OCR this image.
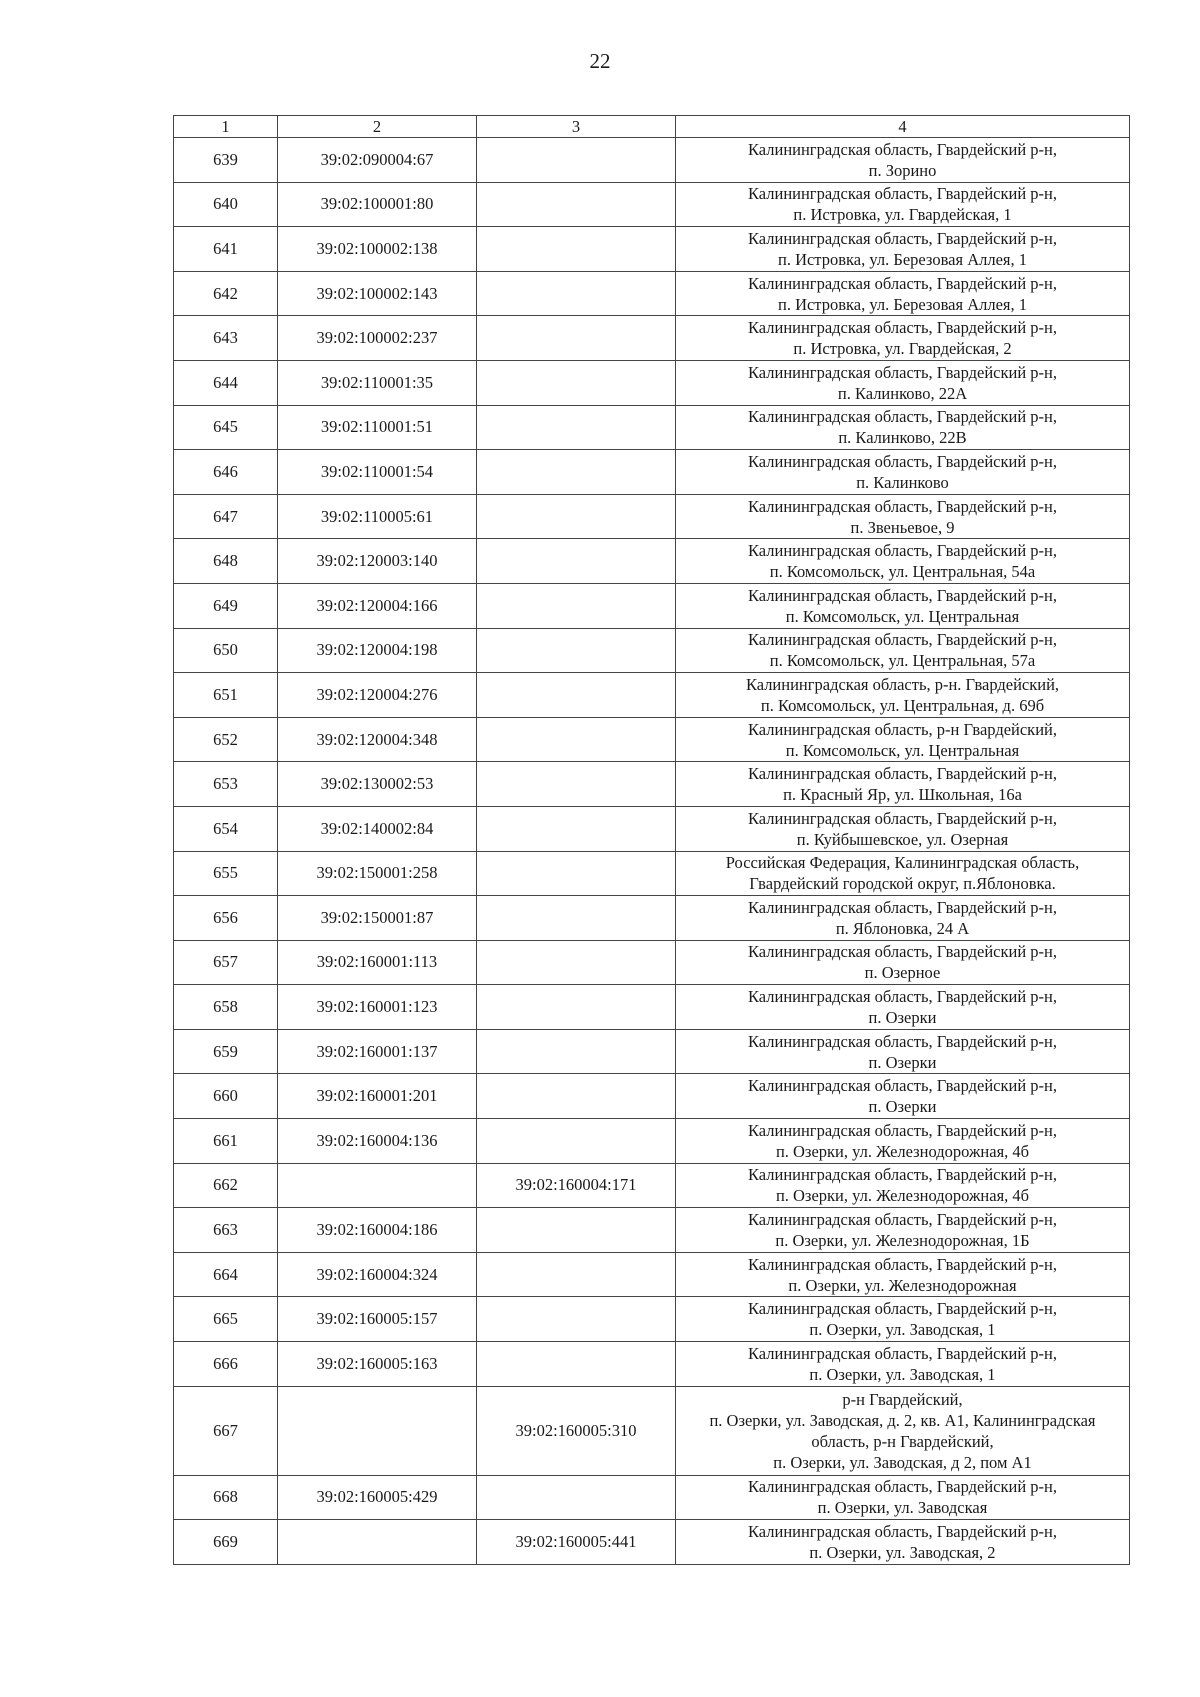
22
1	2	3	4
639	39:02:090004:67		Калининградская область, Гвардейский р-н,
п. Зорино

640	39:02:100001:80		Калининградская область, Гвардейский р-н,
п. Истровка, ул. Гвардейская, 1

641	39:02:100002:138		Калининградская область, Гвардейский р-н,
п. Истровка, ул. Березовая Аллея, 1

642	39:02:100002:143		Калининградская область, Гвардейский р-н,
п. Истровка, ул. Березовая Аллея, 1

643	39:02:100002:237		Калининградская область, Гвардейский р-н,
п. Истровка, ул. Гвардейская, 2

644	39:02:110001:35		Калининградская область, Гвардейский р-н,
п. Калинково, 22А

645	39:02:110001:51		Калининградская область, Гвардейский р-н,
п. Калинково, 22В

646	39:02:110001:54		Калининградская область, Гвардейский р-н,
п. Калинково

647	39:02:110005:61		Калининградская область, Гвардейский р-н,
п. Звеньевое, 9

648	39:02:120003:140		Калининградская область, Гвардейский р-н,
п. Комсомольск, ул. Центральная, 54а

649	39:02:120004:166		Калининградская область, Гвардейский р-н,
п. Комсомольск, ул. Центральная

650	39:02:120004:198		Калининградская область, Гвардейский р-н,
п. Комсомольск, ул. Центральная, 57а

651	39:02:120004:276		Калининградская область, р-н. Гвардейский,
п. Комсомольск, ул. Центральная, д. 69б

652	39:02:120004:348		Калининградская область, р-н Гвардейский,
п. Комсомольск, ул. Центральная

653	39:02:130002:53		Калининградская область, Гвардейский р-н,
п. Красный Яр, ул. Школьная, 16а

654	39:02:140002:84		Калининградская область, Гвардейский р-н,
п. Куйбышевское, ул. Озерная

655	39:02:150001:258		Российская Федерация, Калининградская область,
Гвардейский городской округ, п.Яблоновка.

656	39:02:150001:87		Калининградская область, Гвардейский р-н,
п. Яблоновка, 24 А

657	39:02:160001:113		Калининградская область, Гвардейский р-н,
п. Озерное

658	39:02:160001:123		Калининградская область, Гвардейский р-н,
п. Озерки

659	39:02:160001:137		Калининградская область, Гвардейский р-н,
п. Озерки

660	39:02:160001:201		Калининградская область, Гвардейский р-н,
п. Озерки

661	39:02:160004:136		Калининградская область, Гвардейский р-н,
п. Озерки, ул. Железнодорожная, 4б

662		39:02:160004:171	Калининградская область, Гвардейский р-н,
п. Озерки, ул. Железнодорожная, 4б

663	39:02:160004:186		Калининградская область, Гвардейский р-н,
п. Озерки, ул. Железнодорожная, 1Б

664	39:02:160004:324		Калининградская область, Гвардейский р-н,
п. Озерки, ул. Железнодорожная

665	39:02:160005:157		Калининградская область, Гвардейский р-н,
п. Озерки, ул. Заводская, 1

666	39:02:160005:163		Калининградская область, Гвардейский р-н,
п. Озерки, ул. Заводская, 1

667		39:02:160005:310	р-н Гвардейский,
п. Озерки, ул. Заводская, д. 2, кв. А1, Калининградская
область, р-н Гвардейский,
п. Озерки, ул. Заводская, д 2, пом А1

668	39:02:160005:429		Калининградская область, Гвардейский р-н,
п. Озерки, ул. Заводская

669		39:02:160005:441	Калининградская область, Гвардейский р-н,
п. Озерки, ул. Заводская, 2
